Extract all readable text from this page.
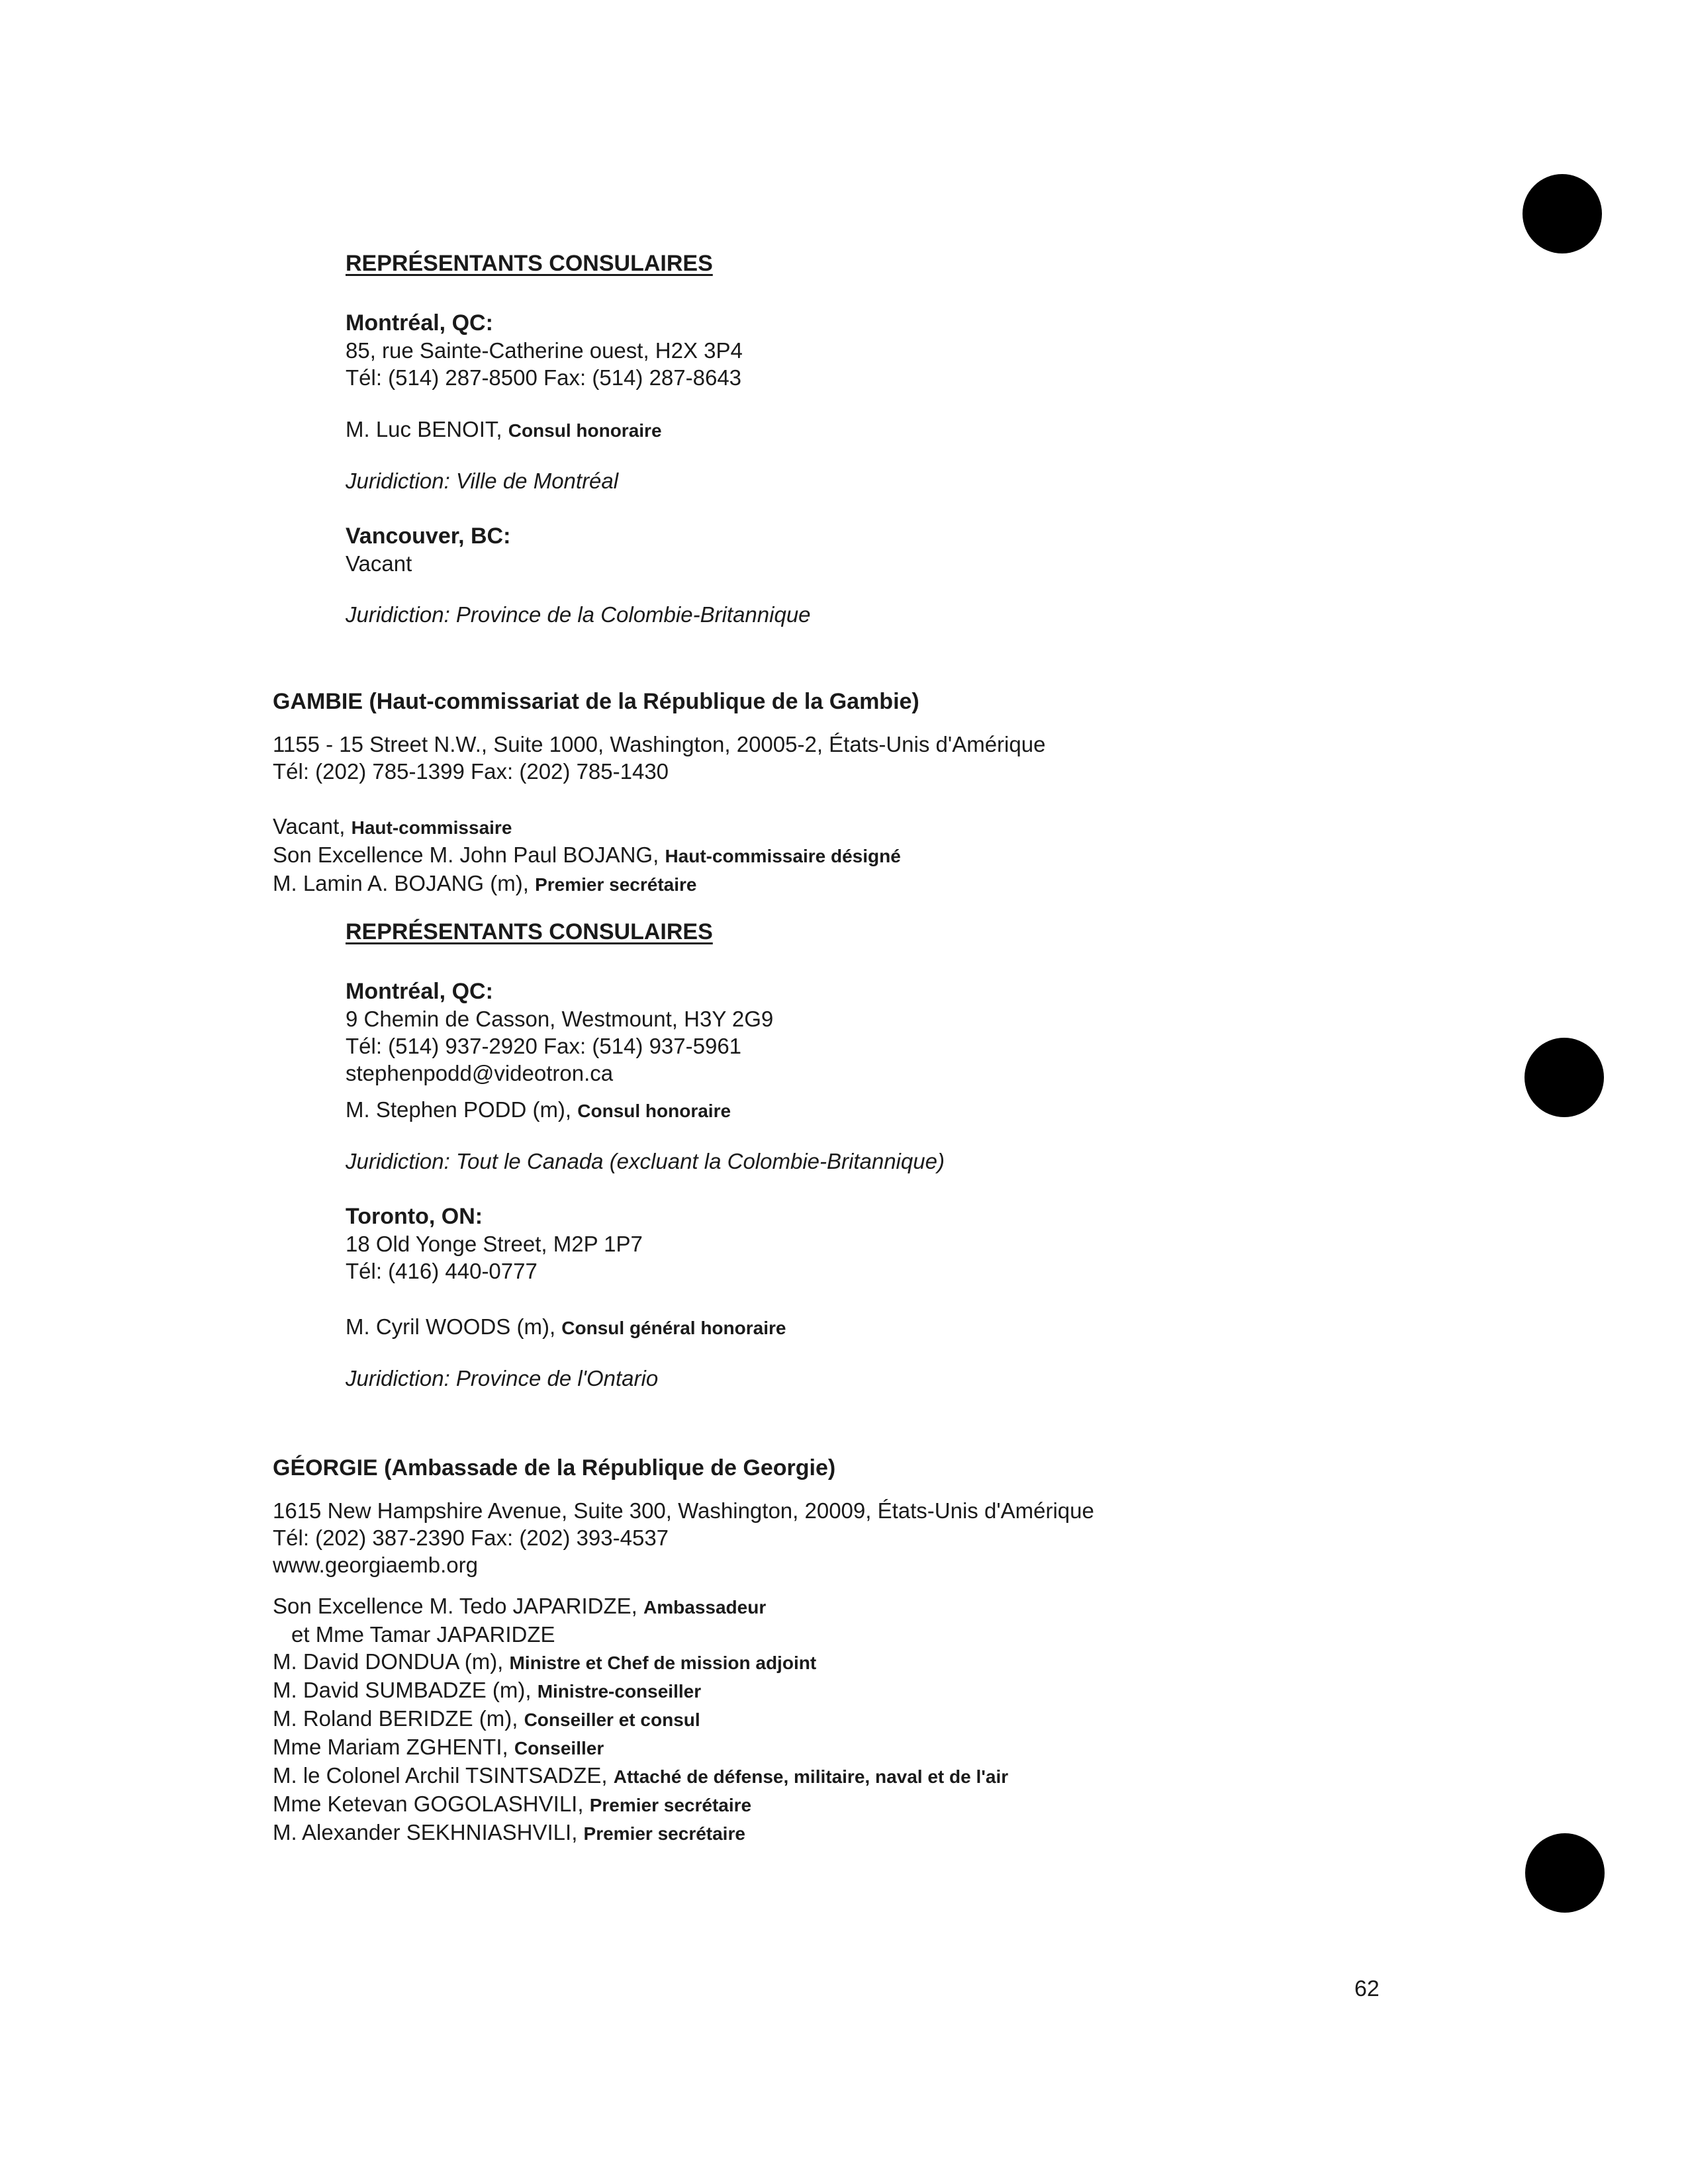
REPRÉSENTANTS CONSULAIRES
Montréal, QC:
85, rue Sainte-Catherine ouest, H2X 3P4
Tél: (514) 287-8500 Fax: (514) 287-8643
M. Luc BENOIT, Consul honoraire
Juridiction: Ville de Montréal
Vancouver, BC:
Vacant
Juridiction: Province de la Colombie-Britannique
GAMBIE (Haut-commissariat de la République de la Gambie)
1155 - 15 Street N.W., Suite 1000, Washington, 20005-2, États-Unis d'Amérique
Tél: (202) 785-1399 Fax: (202) 785-1430
Vacant, Haut-commissaire
Son Excellence M. John Paul BOJANG, Haut-commissaire désigné
M. Lamin A. BOJANG (m), Premier secrétaire
REPRÉSENTANTS CONSULAIRES
Montréal, QC:
9 Chemin de Casson, Westmount, H3Y 2G9
Tél: (514) 937-2920 Fax: (514) 937-5961
stephenpodd@videotron.ca
M. Stephen PODD (m), Consul honoraire
Juridiction: Tout le Canada (excluant la Colombie-Britannique)
Toronto, ON:
18 Old Yonge Street, M2P 1P7
Tél: (416) 440-0777
M. Cyril WOODS (m), Consul général honoraire
Juridiction: Province de l'Ontario
GÉORGIE (Ambassade de la République de Georgie)
1615 New Hampshire Avenue, Suite 300, Washington, 20009, États-Unis d'Amérique
Tél: (202) 387-2390 Fax: (202) 393-4537
www.georgiaemb.org
Son Excellence M. Tedo JAPARIDZE, Ambassadeur
et Mme Tamar JAPARIDZE
M. David DONDUA (m), Ministre et Chef de mission adjoint
M. David SUMBADZE (m), Ministre-conseiller
M. Roland BERIDZE (m), Conseiller et consul
Mme Mariam ZGHENTI, Conseiller
M. le Colonel Archil TSINTSADZE, Attaché de défense, militaire, naval et de l'air
Mme Ketevan GOGOLASHVILI, Premier secrétaire
M. Alexander SEKHNIASHVILI, Premier secrétaire
62
